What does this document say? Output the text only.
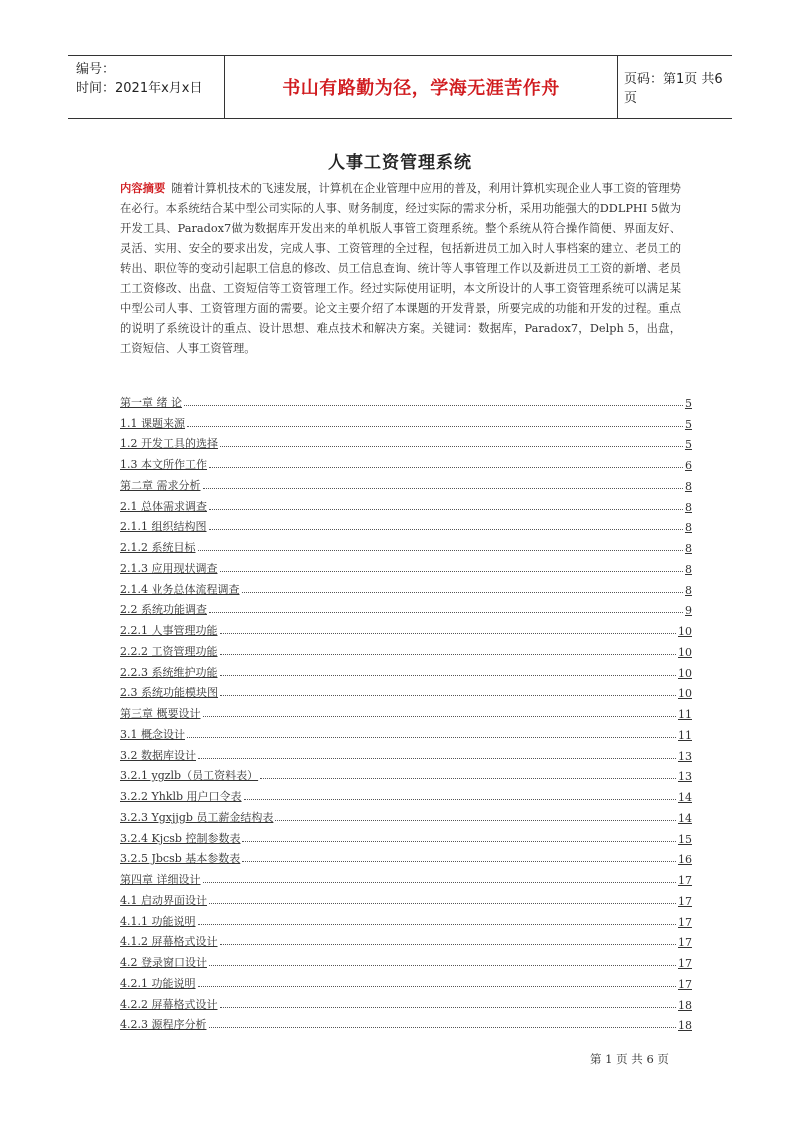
编号：
时间：2021年x月x日	书山有路勤为径，学海无涯苦作舟	页码：第1页 共6页
人事工资管理系统
内容摘要 随着计算机技术的飞速发展，计算机在企业管理中应用的普及，利用计算机实现企业人事工资的管理势在必行。本系统结合某中型公司实际的人事、财务制度，经过实际的需求分析，采用功能强大的DDLPHI 5做为开发工具、Paradox7做为数据库开发出来的单机版人事管工资理系统。整个系统从符合操作简便、界面友好、灵活、实用、安全的要求出发，完成人事、工资管理的全过程，包括新进员工加入时人事档案的建立、老员工的转出、职位等的变动引起职工信息的修改、员工信息查询、统计等人事管理工作以及新进员工工资的新增、老员工工资修改、出盘、工资短信等工资管理工作。经过实际使用证明，本文所设计的人事工资管理系统可以满足某中型公司人事、工资管理方面的需要。论文主要介绍了本课题的开发背景，所要完成的功能和开发的过程。重点的说明了系统设计的重点、设计思想、难点技术和解决方案。关键词：数据库，Paradox7，Delph 5，出盘，工资短信、人事工资管理。
第一章 绪 论	5
1.1 课题来源	5
1.2 开发工具的选择	5
1.3 本文所作工作	6
第二章 需求分析	8
2.1 总体需求调查	8
2.1.1 组织结构图	8
2.1.2 系统目标	8
2.1.3 应用现状调查	8
2.1.4 业务总体流程调查	8
2.2 系统功能调查	9
2.2.1 人事管理功能	10
2.2.2 工资管理功能	10
2.2.3 系统维护功能	10
2.3 系统功能模块图	10
第三章 概要设计	11
3.1 概念设计	11
3.2 数据库设计	13
3.2.1 ygzlb（员工资料表）	13
3.2.2 Yhklb 用户口令表	14
3.2.3 Ygxjjgb 员工薪金结构表	14
3.2.4 Kjcsb 控制参数表	15
3.2.5 Jbcsb 基本参数表	16
第四章 详细设计	17
4.1 启动界面设计	17
4.1.1 功能说明	17
4.1.2 屏幕格式设计	17
4.2 登录窗口设计	17
4.2.1 功能说明	17
4.2.2 屏幕格式设计	18
4.2.3 源程序分析	18
第 1 页 共 6 页
